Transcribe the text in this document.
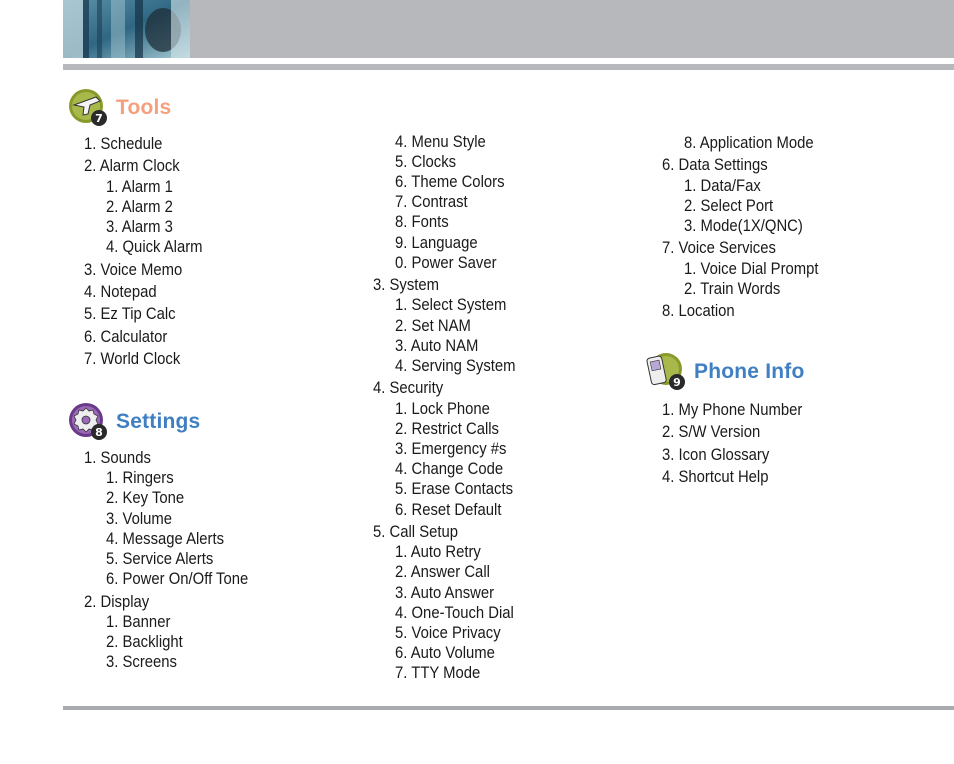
7 Tools
8 Settings
9 Phone Info
1. Schedule
2. Alarm Clock
1. Alarm 1
2. Alarm 2
3. Alarm 3
4. Quick Alarm
3. Voice Memo
4. Notepad
5. Ez Tip Calc
6. Calculator
7. World Clock
1. Sounds
1. Ringers
2. Key Tone
3. Volume
4. Message Alerts
5. Service Alerts
6. Power On/Off Tone
2. Display
1. Banner
2. Backlight
3. Screens
4. Menu Style
5. Clocks
6. Theme Colors
7. Contrast
8. Fonts
9. Language
0. Power Saver
3. System
1. Select System
2. Set NAM
3. Auto NAM
4. Serving System
4. Security
1. Lock Phone
2. Restrict Calls
3. Emergency #s
4. Change Code
5. Erase Contacts
6. Reset Default
5. Call Setup
1. Auto Retry
2. Answer Call
3. Auto Answer
4. One-Touch Dial
5. Voice Privacy
6. Auto Volume
7. TTY Mode
8. Application Mode
6. Data Settings
1. Data/Fax
2. Select Port
3. Mode(1X/QNC)
7. Voice Services
1. Voice Dial Prompt
2. Train Words
8. Location
1. My Phone Number
2. S/W Version
3. Icon Glossary
4. Shortcut Help
